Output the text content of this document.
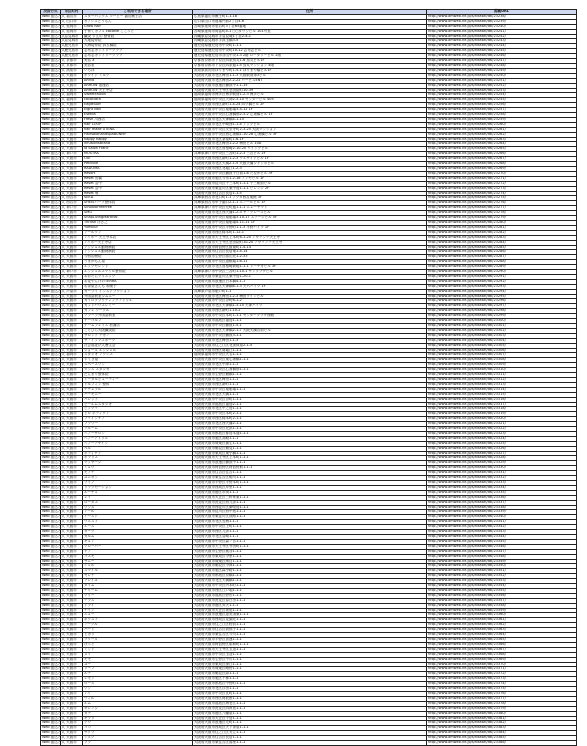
決済方式	市区町村	ご利用できる場所	住所	掲載URL
Web 振込方式	福山市	スターバックス コーヒー 福山蔵王店	広島県福山市蔵王町1-1-18	http://www.amweb.ne.jp/s/hitasel/dtl/23238/
Web 振込方式	山口市	オアシスどうもん	山口県山口市道場門前2丁目4-6	http://www.amweb.ne.jp/s/hitasel/dtl/23239/
Web 振込方式	延岡市	Grow hair	宮崎県延岡市愛宕町3丁目65番地	http://www.amweb.ne.jp/s/hitasel/dtl/23240/
Web 振込方式	延岡市	子育てカフェ cocotte ここっと	宮崎県延岡市岡富町4-1 ○○タウンビル 101号室	http://www.amweb.ne.jp/s/hitasel/dtl/23241/
Web 振込方式	豊見城市	鍼灸 すえの 整骨院	沖縄県豊見城市字豊見城1丁目2-4-1	http://www.amweb.ne.jp/s/hitasel/dtl/23242/
Web 振込方式	豊見城市	大地接骨院	沖縄県豊見城市字真玉橋3-5	http://www.amweb.ne.jp/s/hitasel/dtl/23243/
Web 振込方式	鹿児島市	大海接骨院 真玉橋院	鹿児島県鹿児島市中央町1-1-1	http://www.amweb.ne.jp/s/hitasel/dtl/23244/
Web 振込方式	鹿児島市	志布志カントリークラブ	鹿児島県鹿児島市中央町10-12 志布志ビル	http://www.amweb.ne.jp/s/hitasel/dtl/23245/
Web 振込方式	鹿児島市	志布志カントリークラブ	鹿児島県鹿児島市谷山中央1-3 2階 ロータリービル 2階	http://www.amweb.ne.jp/s/hitasel/dtl/23246/
Web 振込方式	京都市	美容 X	京都府京都市下京区四条烏丸1-6 烏丸ビル1F	http://www.amweb.ne.jp/s/hitasel/dtl/23247/
Web 振込方式	京都市	美容室	京都府京都市下京区四条通1-5 烏丸マンション 4階	http://www.amweb.ne.jp/s/hitasel/dtl/23248/
Web 振込方式	高知市	いろは	高知県高知市はりまや町1-5-1 はりまや橋ビル1F	http://www.amweb.ne.jp/s/hitasel/dtl/23249/
Web 振込方式	大阪市	ホワイト ミルク	大阪府大阪市北区梅田1-1-3 大阪駅前第3ビル	http://www.amweb.ne.jp/s/hitasel/dtl/23250/
Web 振込方式	大阪市	ARrco	大阪府大阪市北区梅田2-2-22 ハービスENT	http://www.amweb.ne.jp/s/hitasel/dtl/23251/
Web 振込方式	大阪市	ARROW 浪速店	大阪府大阪市浪速区難波中1-1-15	http://www.amweb.ne.jp/s/hitasel/dtl/23252/
Web 振込方式	大阪市	ARROW 天王寺店	大阪府大阪市天王寺区悲田院町10-39	http://www.amweb.ne.jp/s/hitasel/dtl/23253/
Web 振込方式	福岡市	SweetFalcon	福岡県福岡市博多区博多駅前1-2-3 博多ビル	http://www.amweb.ne.jp/s/hitasel/dtl/23254/
Web 振込方式	福岡市	cocociara	福岡県福岡市中央区天神2-3-10 センタービル 405	http://www.amweb.ne.jp/s/hitasel/dtl/23255/
Web 振込方式	大阪市	EagleGolf	大阪府大阪市西区新町1-4-24 四ツ橋ビル 2F	http://www.amweb.ne.jp/s/hitasel/dtl/23256/
Web 振込方式	大阪市	Eight Nail	大阪府大阪市中央区南船場3-4-12 1F	http://www.amweb.ne.jp/s/hitasel/dtl/23257/
Web 振込方式	大阪市	Estella	大阪府大阪市中央区心斎橋筋2-3-2 心斎橋ビル 1F	http://www.amweb.ne.jp/s/hitasel/dtl/23258/
Web 振込方式	大阪市	Fresh 川西店	大阪府大阪市北区天神橋4-1-15	http://www.amweb.ne.jp/s/hitasel/dtl/23259/
Web 振込方式	大阪市	hair LOOP	大阪府大阪市北区中崎西1-1-4 アップビル	http://www.amweb.ne.jp/s/hitasel/dtl/23260/
Web 振込方式	大阪市	hair make UTENA	大阪府大阪市中央区安堂寺町2-3-25 大阪マンション	http://www.amweb.ne.jp/s/hitasel/dtl/23261/
Web 振込方式	大阪市	HairsalonandSpaBUNNY	大阪府大阪市中央区西心斎橋1-10-28 心斎橋ビル 3F	http://www.amweb.ne.jp/s/hitasel/dtl/23262/
Web 振込方式	大阪市	happy happy	大阪府大阪市北区茶屋町1-6-1F	http://www.amweb.ne.jp/s/hitasel/dtl/23263/
Web 振込方式	大阪市	InfusionsBrand	大阪府大阪市北区梅田1-2-2 梅田ビル 10A	http://www.amweb.ne.jp/s/hitasel/dtl/23264/
Web 振込方式	大阪市	la Salon Franc	大阪府大阪市北区曽根崎2-10-20 ウイングビル	http://www.amweb.ne.jp/s/hitasel/dtl/23265/
Web 振込方式	神戸市	MOSTRA	兵庫県神戸市中央区三宮町1-2-3 三宮ビル 2F	http://www.amweb.ne.jp/s/hitasel/dtl/23266/
Web 振込方式	大阪市	OUI	大阪府大阪市西区新町1-2-3 ウエサイドビル 1F	http://www.amweb.ne.jp/s/hitasel/dtl/23267/
Web 振込方式	大阪市	Petitulle	大阪府大阪市北区天満2-1-5 大阪天満ジャンボビル	http://www.amweb.ne.jp/s/hitasel/dtl/23268/
Web 振込方式	大阪市	RADOMA	大阪府大阪市西区北堀江1-2-3	http://www.amweb.ne.jp/s/hitasel/dtl/23269/
Web 振込方式	大阪市	Resort	大阪府大阪市中央区難波千日前1-8 たなかビル 3F	http://www.amweb.ne.jp/s/hitasel/dtl/23270/
Web 振込方式	大阪市	Reset 出橋	大阪府大阪市旭区今市1-2-18 アンセビル 1F	http://www.amweb.ne.jp/s/hitasel/dtl/23271/
Web 振込方式	大阪市	Reset 豊中	大阪府大阪市淀川区十三本町1-1-1 十三駅前ビル	http://www.amweb.ne.jp/s/hitasel/dtl/23272/
Web 振込方式	大阪市	Reset 豊中	大阪府大阪市東淀川区東中島1-1-1 ビレッジ 2F	http://www.amweb.ne.jp/s/hitasel/dtl/23273/
Web 振込方式	大阪市	Reset 堺	大阪府大阪市住吉区長居1-1-5	http://www.amweb.ne.jp/s/hitasel/dtl/23274/
Web 振込方式	西宮市	SEED	兵庫県西宮市北口町1-1 アクタ西宮東館 3F	http://www.amweb.ne.jp/s/hitasel/dtl/23275/
Web 振込方式	西宮市	SHEISハーブ整体院	兵庫県西宮市甲子園口2-1-1 エノールビル 1F	http://www.amweb.ne.jp/s/hitasel/dtl/23276/
Web 振込方式	神戸市	SinoBioFreeFree	兵庫県神戸市中央区元町通1-1-1 ニューヤマト	http://www.amweb.ne.jp/s/hitasel/dtl/23277/
Web 振込方式	大阪市	SMG	大阪府大阪市北区西天満1-2-3 ザ・グレースビル	http://www.amweb.ne.jp/s/hitasel/dtl/23278/
Web 振込方式	大阪市	SnapLivingMartINN	大阪府大阪市中央区南船場3-10-17 ステージビル 5F	http://www.amweb.ne.jp/s/hitasel/dtl/23279/
Web 振込方式	大阪市	Thrush ほさ之	大阪府大阪市中央区南船場4-11-11 1F	http://www.amweb.ne.jp/s/hitasel/dtl/23280/
Web 振込方式	大阪市	Yumikur	大阪府大阪市中央区平野町1-1-3 平野ハイツ 1F	http://www.amweb.ne.jp/s/hitasel/dtl/23281/
Web 振込方式	大阪市	アールワン	大阪府大阪市西区靱本町1-12-1	http://www.amweb.ne.jp/s/hitasel/dtl/23282/
Web 振込方式	大阪市	アイホー 天王寺本店	大阪府大阪市天王寺区上本町6-1-20 アヴァンテ天王寺	http://www.amweb.ne.jp/s/hitasel/dtl/23283/
Web 振込方式	大阪市	アイホー天王寺店	大阪府大阪市天王寺区悲田院町10-20 アヴァンテ天王寺	http://www.amweb.ne.jp/s/hitasel/dtl/23284/
Web 振込方式	大阪市	アンジュエ動物病院	大阪府大阪市阿倍野区阪南町1-4-14	http://www.amweb.ne.jp/s/hitasel/dtl/23285/
Web 振込方式	大阪市	アンジュエ動物病院	大阪府大阪市住吉区長居東1-4-14	http://www.amweb.ne.jp/s/hitasel/dtl/23286/
Web 振込方式	大阪市	今西治療院	大阪府大阪市生野区勝山北1-2-33	http://www.amweb.ne.jp/s/hitasel/dtl/23287/
Web 振込方式	大阪市	うまかもん屋	大阪府大阪市中央区道頓堀1-6-11	http://www.amweb.ne.jp/s/hitasel/dtl/23288/
Web 振込方式	大阪市	エックセレント	大阪府大阪市北区曽根崎新地1-1-1 ドーチカビル 3F	http://www.amweb.ne.jp/s/hitasel/dtl/23289/
Web 振込方式	神戸市	エンジェルスマイル整骨院	兵庫県神戸市中央区三宮町1-10-1 サンプラザビル	http://www.amweb.ne.jp/s/hitasel/dtl/23290/
Web 振込方式	大阪市	おおたにクリニック	大阪府大阪市東淀川区東中島1-20-1	http://www.amweb.ne.jp/s/hitasel/dtl/23291/
Web 振込方式	大阪市	お花やんけのTERRA	大阪府大阪市浪速区日本橋4-1-1	http://www.amweb.ne.jp/s/hitasel/dtl/23292/
Web 振込方式	大阪市	お茶屋さんも 和菓子	大阪府大阪市北区天神橋6-1-3 天六ハイツ 1F	http://www.amweb.ne.jp/s/hitasel/dtl/23293/
Web 振込方式	芦屋市	カーライ インストラクション	兵庫県芦屋市船戸町1-1	http://www.amweb.ne.jp/s/hitasel/dtl/23294/
Web 振込方式	大阪市	外国語教室ジムニー	大阪府大阪市北区梅田1-2-3 梅田ツインビル	http://www.amweb.ne.jp/s/hitasel/dtl/23295/
Web 振込方式	大阪市	カイロプラクティックアトリエ	大阪府大阪市中央区谷町6-1-2	http://www.amweb.ne.jp/s/hitasel/dtl/23296/
Web 振込方式	大阪市	カットハウスレミー	大阪府大阪市北区天神橋1-3-10 天神ハイツ	http://www.amweb.ne.jp/s/hitasel/dtl/23297/
Web 振込方式	大阪市	カフェ ワークル	大阪府大阪市西区新町1-10-2	http://www.amweb.ne.jp/s/hitasel/dtl/23298/
Web 振込方式	大阪市	クラーラ外国語教室	大阪府大阪市中央区本町1-1-1 センタープラザ西館	http://www.amweb.ne.jp/s/hitasel/dtl/23299/
Web 振込方式	大阪市	ケーゴルフ	大阪府大阪市福島区福島1-1-1	http://www.amweb.ne.jp/s/hitasel/dtl/23300/
Web 振込方式	大阪市	ゲームフェイス 松浦店	大阪府大阪市中央区難波1-5-1	http://www.amweb.ne.jp/s/hitasel/dtl/23301/
Web 振込方式	大阪市	ことひら大阪鍼灸院	大阪府大阪市北区天神橋2-1-7 大阪天満宮前ビル	http://www.amweb.ne.jp/s/hitasel/dtl/23302/
Web 振込方式	大阪市	サロンド ナガノ	大阪府大阪市中央区難波3-1-1	http://www.amweb.ne.jp/s/hitasel/dtl/23303/
Web 振込方式	大阪市	ザ・イップスポーツ	大阪府大阪市北区梅田1-1-3	http://www.amweb.ne.jp/s/hitasel/dtl/23304/
Web 振込方式	大阪市	社会福祉法人蒼生会	大阪府大阪市住之江区北加賀屋2-1-5	http://www.amweb.ne.jp/s/hitasel/dtl/23305/
Web 振込方式	大阪市	ジョーズ エンジェル	大阪府大阪市西区南堀江1-1-1	http://www.amweb.ne.jp/s/hitasel/dtl/23306/
Web 振込方式	福岡市	スタジオ アクシス	福岡県福岡市中央区大名1-1-1	http://www.amweb.ne.jp/s/hitasel/dtl/23307/
Web 振込方式	大阪市	すてき屋	大阪府大阪市中央区東心斎橋1-1-1	http://www.amweb.ne.jp/s/hitasel/dtl/23308/
Web 振込方式	大阪市	スペースワン	大阪府大阪市北区中津1-1-1	http://www.amweb.ne.jp/s/hitasel/dtl/23309/
Web 振込方式	大阪市	ダンス スタジオ	大阪府大阪市中央区心斎橋筋1-1-1	http://www.amweb.ne.jp/s/hitasel/dtl/23310/
Web 振込方式	大阪市	だんまり整体院	大阪府大阪市生野区鶴橋1-1-1	http://www.amweb.ne.jp/s/hitasel/dtl/23311/
Web 振込方式	大阪市	トータルビューティー	大阪府大阪市北区梅田1-1-1	http://www.amweb.ne.jp/s/hitasel/dtl/23312/
Web 振込方式	大阪市	ドルフィン 整体	大阪府大阪市西区新町1-1-1	http://www.amweb.ne.jp/s/hitasel/dtl/23313/
Web 振込方式	大阪市	ナチュラル	大阪府大阪市中央区南船場1-1-1	http://www.amweb.ne.jp/s/hitasel/dtl/23314/
Web 振込方式	大阪市	ハーモニー	大阪府大阪市北区天満1-1-1	http://www.amweb.ne.jp/s/hitasel/dtl/23315/
Web 振込方式	大阪市	パレット	大阪府大阪市中央区谷町1-1-1	http://www.amweb.ne.jp/s/hitasel/dtl/23316/
Web 振込方式	大阪市	ビーエムスタジオ	大阪府大阪市福島区福島2-1-1	http://www.amweb.ne.jp/s/hitasel/dtl/23317/
Web 振込方式	大阪市	ピッツァ	大阪府大阪市北区中之島1-1-1	http://www.amweb.ne.jp/s/hitasel/dtl/23318/
Web 振込方式	大阪市	ヒロ ボディケア	大阪府大阪市中央区本町2-1-1	http://www.amweb.ne.jp/s/hitasel/dtl/23319/
Web 振込方式	大阪市	ファインケア	大阪府大阪市西区靱本町2-1-1	http://www.amweb.ne.jp/s/hitasel/dtl/23320/
Web 振込方式	大阪市	フラワー	大阪府大阪市北区西天満2-1-1	http://www.amweb.ne.jp/s/hitasel/dtl/23321/
Web 振込方式	大阪市	ブルーム	大阪府大阪市中央区北浜1-1-1	http://www.amweb.ne.jp/s/hitasel/dtl/23322/
Web 振込方式	大阪市	ヘアーサロン	大阪府大阪市都島区都島本通1-1-1	http://www.amweb.ne.jp/s/hitasel/dtl/23323/
Web 振込方式	大阪市	ヘアーアトリエ	大阪府大阪市旭区高殿1-1-1	http://www.amweb.ne.jp/s/hitasel/dtl/23324/
Web 振込方式	大阪市	ヘアーデザイン	大阪府大阪市城東区蒲生1-1-1	http://www.amweb.ne.jp/s/hitasel/dtl/23325/
Web 振込方式	大阪市	ベル	大阪府大阪市鶴見区鶴見1-1-1	http://www.amweb.ne.jp/s/hitasel/dtl/23326/
Web 振込方式	大阪市	ボディケア	大阪府大阪市東成区東小橋1-1-1	http://www.amweb.ne.jp/s/hitasel/dtl/23327/
Web 振込方式	大阪市	ポラリス	大阪府大阪市天王寺区上本町1-1-1	http://www.amweb.ne.jp/s/hitasel/dtl/23328/
Web 振込方式	大阪市	マッサージ	大阪府大阪市浪速区難波中1-1-1	http://www.amweb.ne.jp/s/hitasel/dtl/23329/
Web 振込方式	大阪市	ミュウ	大阪府大阪市阿倍野区阿倍野筋1-1-1	http://www.amweb.ne.jp/s/hitasel/dtl/23330/
Web 振込方式	大阪市	モアナ	大阪府大阪市住吉区住吉1-1-1	http://www.amweb.ne.jp/s/hitasel/dtl/23331/
Web 振込方式	大阪市	ユニオン	大阪府大阪市東住吉区駒川1-1-1	http://www.amweb.ne.jp/s/hitasel/dtl/23332/
Web 振込方式	大阪市	ライフ	大阪府大阪市平野区平野本町1-1-1	http://www.amweb.ne.jp/s/hitasel/dtl/23333/
Web 振込方式	大阪市	リラクゼーション	大阪府大阪市西成区岸里1-1-1	http://www.amweb.ne.jp/s/hitasel/dtl/23334/
Web 振込方式	大阪市	ルーチェ	大阪府大阪市港区市岡1-1-1	http://www.amweb.ne.jp/s/hitasel/dtl/23335/
Web 振込方式	大阪市	レイ	大阪府大阪市大正区三軒家東1-1-1	http://www.amweb.ne.jp/s/hitasel/dtl/23336/
Web 振込方式	大阪市	ロータス	大阪府大阪市此花区西九条1-1-1	http://www.amweb.ne.jp/s/hitasel/dtl/23337/
Web 振込方式	大阪市	ワンズ	大阪府大阪市西淀川区御幣島1-1-1	http://www.amweb.ne.jp/s/hitasel/dtl/23338/
Web 振込方式	大阪市	アール	大阪府大阪市淀川区西中島1-1-1	http://www.amweb.ne.jp/s/hitasel/dtl/23339/
Web 振込方式	大阪市	イースト	大阪府大阪市東淀川区淡路1-1-1	http://www.amweb.ne.jp/s/hitasel/dtl/23340/
Web 振込方式	大阪市	ウエスト	大阪府大阪市北区長柄1-1-1	http://www.amweb.ne.jp/s/hitasel/dtl/23341/
Web 振込方式	大阪市	エース	大阪府大阪市中央区上町1-1-1	http://www.amweb.ne.jp/s/hitasel/dtl/23342/
Web 振込方式	大阪市	オーク	大阪府大阪市西区九条1-1-1	http://www.amweb.ne.jp/s/hitasel/dtl/23343/
Web 振込方式	大阪市	カルム	大阪府大阪市北区豊崎1-1-1	http://www.amweb.ne.jp/s/hitasel/dtl/23344/
Web 振込方式	大阪市	キュア	大阪府大阪市中央区森ノ宮1-1-1	http://www.amweb.ne.jp/s/hitasel/dtl/23345/
Web 振込方式	大阪市	クローバー	大阪府大阪市天王寺区寺田町1-1-1	http://www.amweb.ne.jp/s/hitasel/dtl/23346/
Web 振込方式	大阪市	ケア	大阪府大阪市生野区桃谷1-1-1	http://www.amweb.ne.jp/s/hitasel/dtl/23347/
Web 振込方式	大阪市	コスモ	大阪府大阪市東成区今里1-1-1	http://www.amweb.ne.jp/s/hitasel/dtl/23348/
Web 振込方式	大阪市	サニー	大阪府大阪市城東区関目1-1-1	http://www.amweb.ne.jp/s/hitasel/dtl/23349/
Web 振込方式	大阪市	シェル	大阪府大阪市鶴見区今津1-1-1	http://www.amweb.ne.jp/s/hitasel/dtl/23350/
Web 振込方式	大阪市	スマイル	大阪府大阪市旭区森小路1-1-1	http://www.amweb.ne.jp/s/hitasel/dtl/23351/
Web 振込方式	大阪市	セレナ	大阪府大阪市都島区京橋1-1-1	http://www.amweb.ne.jp/s/hitasel/dtl/23352/
Web 振込方式	大阪市	ソレイユ	大阪府大阪市北区天満橋1-1-1	http://www.amweb.ne.jp/s/hitasel/dtl/23353/
Web 振込方式	大阪市	タイム	大阪府大阪市中央区内本町1-1-1	http://www.amweb.ne.jp/s/hitasel/dtl/23354/
Web 振込方式	大阪市	チャーム	大阪府大阪市西区江戸堀1-1-1	http://www.amweb.ne.jp/s/hitasel/dtl/23355/
Web 振込方式	大阪市	ツリー	大阪府大阪市福島区野田1-1-1	http://www.amweb.ne.jp/s/hitasel/dtl/23356/
Web 振込方式	大阪市	テラス	大阪府大阪市此花区春日出1-1-1	http://www.amweb.ne.jp/s/hitasel/dtl/23357/
Web 振込方式	大阪市	トライ	大阪府大阪市港区弁天1-1-1	http://www.amweb.ne.jp/s/hitasel/dtl/23358/
Web 振込方式	大阪市	ナイン	大阪府大阪市大正区泉尾1-1-1	http://www.amweb.ne.jp/s/hitasel/dtl/23359/
Web 振込方式	大阪市	ニュー	大阪府大阪市浪速区恵美須東1-1-1	http://www.amweb.ne.jp/s/hitasel/dtl/23360/
Web 振込方式	大阪市	ネクスト	大阪府大阪市西成区花園北1-1-1	http://www.amweb.ne.jp/s/hitasel/dtl/23361/
Web 振込方式	大阪市	ノーブル	大阪府大阪市住之江区粉浜1-1-1	http://www.amweb.ne.jp/s/hitasel/dtl/23362/
Web 振込方式	大阪市	ハート	大阪府大阪市住吉区我孫子1-1-1	http://www.amweb.ne.jp/s/hitasel/dtl/23363/
Web 振込方式	大阪市	ヒカリ	大阪府大阪市東住吉区今川1-1-1	http://www.amweb.ne.jp/s/hitasel/dtl/23364/
Web 振込方式	大阪市	ブリーズ	大阪府大阪市平野区喜連1-1-1	http://www.amweb.ne.jp/s/hitasel/dtl/23365/
Web 振込方式	大阪市	ほっと	大阪府大阪市阿倍野区昭和町1-1-1	http://www.amweb.ne.jp/s/hitasel/dtl/23366/
Web 振込方式	大阪市	ミント	大阪府大阪市天王寺区玉造1-1-1	http://www.amweb.ne.jp/s/hitasel/dtl/23367/
Web 振込方式	大阪市	メイ	大阪府大阪市中央区玉造1-1-1	http://www.amweb.ne.jp/s/hitasel/dtl/23368/
Web 振込方式	大阪市	モモ	大阪府大阪市生野区中川1-1-1	http://www.amweb.ne.jp/s/hitasel/dtl/23369/
Web 振込方式	大阪市	ユー	大阪府大阪市東成区深江1-1-1	http://www.amweb.ne.jp/s/hitasel/dtl/23370/
Web 振込方式	大阪市	リーフ	大阪府大阪市城東区鴫野1-1-1	http://www.amweb.ne.jp/s/hitasel/dtl/23371/
Web 振込方式	大阪市	ルナ	大阪府大阪市鶴見区緑1-1-1	http://www.amweb.ne.jp/s/hitasel/dtl/23372/
Web 振込方式	大阪市	レモン	大阪府大阪市旭区千林1-1-1	http://www.amweb.ne.jp/s/hitasel/dtl/23373/
Web 振込方式	大阪市	ローズ	大阪府大阪市都島区中野町1-1-1	http://www.amweb.ne.jp/s/hitasel/dtl/23374/
Web 振込方式	大阪市	ワン	大阪府大阪市北区浮田1-1-1	http://www.amweb.ne.jp/s/hitasel/dtl/23375/
Web 振込方式	大阪市	アイ	大阪府大阪市中央区瓦町1-1-1	http://www.amweb.ne.jp/s/hitasel/dtl/23376/
Web 振込方式	大阪市	ウィル	大阪府大阪市西区阿波座1-1-1	http://www.amweb.ne.jp/s/hitasel/dtl/23377/
Web 振込方式	大阪市	エム	大阪府大阪市福島区海老江1-1-1	http://www.amweb.ne.jp/s/hitasel/dtl/23378/
Web 振込方式	大阪市	オレンジ	大阪府大阪市此花区四貫島1-1-1	http://www.amweb.ne.jp/s/hitasel/dtl/23379/
Web 振込方式	大阪市	カナ	大阪府大阪市港区八幡屋1-1-1	http://www.amweb.ne.jp/s/hitasel/dtl/23380/
Web 振込方式	大阪市	キラリ	大阪府大阪市大正区千島1-1-1	http://www.amweb.ne.jp/s/hitasel/dtl/23381/
Web 振込方式	大阪市	クウ	大阪府大阪市浪速区元町1-1-1	http://www.amweb.ne.jp/s/hitasel/dtl/23382/
Web 振込方式	大阪市	ココ	大阪府大阪市西成区天下茶屋1-1-1	http://www.amweb.ne.jp/s/hitasel/dtl/23383/
Web 振込方式	大阪市	サクラ	大阪府大阪市住之江区安立1-1-1	http://www.amweb.ne.jp/s/hitasel/dtl/23384/
Web 振込方式	大阪市	シズク	大阪府大阪市住吉区長居1-1-1	http://www.amweb.ne.jp/s/hitasel/dtl/23385/
Web 振込方式	大阪市	ソラ	大阪府大阪市東住吉区湯里1-1-1	http://www.amweb.ne.jp/s/hitasel/dtl/23386/
